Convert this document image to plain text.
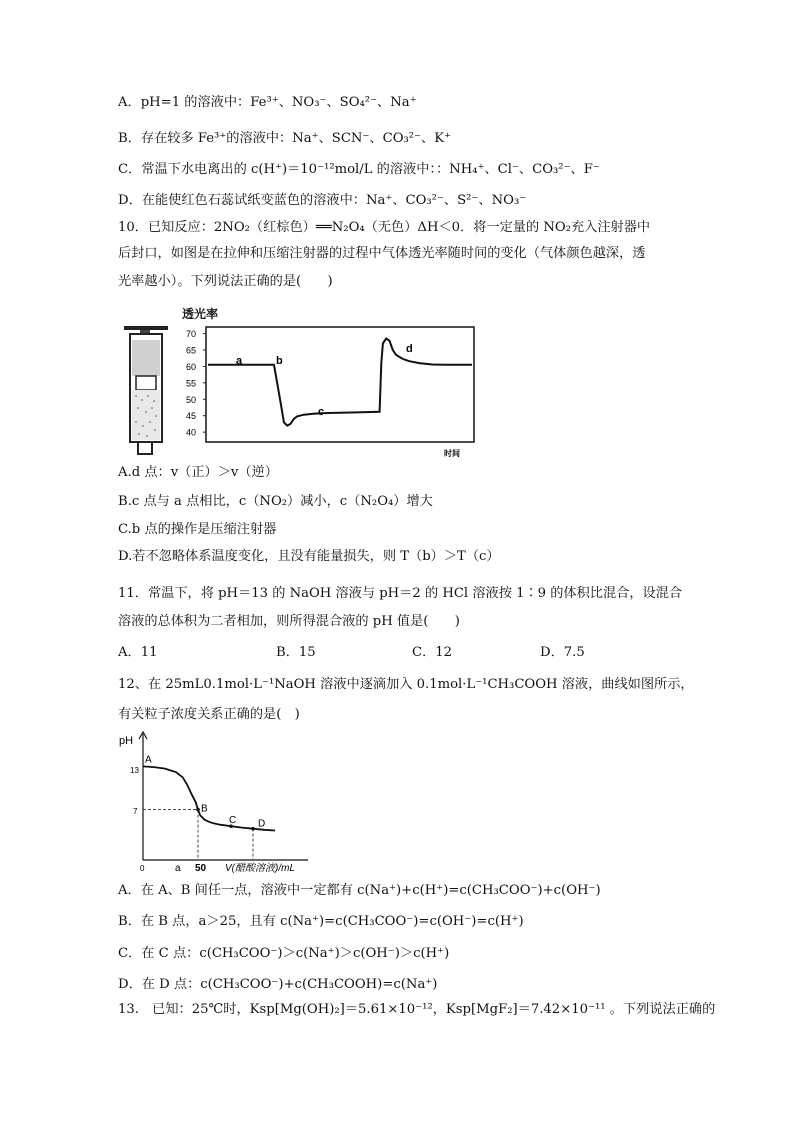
A．pH=1 的溶液中：Fe³⁺、NO₃⁻、SO₄²⁻、Na⁺
B．存在较多 Fe³⁺的溶液中：Na⁺、SCN⁻、CO₃²⁻、K⁺
C．常温下水电离出的 c(H⁺)＝10⁻¹²mol/L 的溶液中：：NH₄⁺、Cl⁻、CO₃²⁻、F⁻
D．在能使红色石蕊试纸变蓝色的溶液中：Na⁺、CO₃²⁻、S²⁻、NO₃⁻
10．已知反应：2NO₂（红棕色）══N₂O₄（无色）ΔH＜0．将一定量的 NO₂充入注射器中
后封口，如图是在拉伸和压缩注射器的过程中气体透光率随时间的变化（气体颜色越深，透
光率越小）。下列说法正确的是(　　)
透光率
70
65
60
55
50
45
40
a	b
c
d
时间
A.d 点：v（正）＞v（逆）
B.c 点与 a 点相比，c（NO₂）减小，c（N₂O₄）增大
C.b 点的操作是压缩注射器
D.若不忽略体系温度变化，且没有能量损失，则 T（b）＞T（c）
11．常温下，将 pH＝13 的 NaOH 溶液与 pH＝2 的 HCl 溶液按 1∶9 的体积比混合，设混合
溶液的总体积为二者相加，则所得混合液的 pH 值是(　　)
A．11	B．15	C．12	D．7.5
12、在 25mL0.1mol·L⁻¹NaOH 溶液中逐滴加入 0.1mol·L⁻¹CH₃COOH 溶液，曲线如图所示，
有关粒子浓度关系正确的是(　)
pH
13
7
0	a 50 V(醋酸溶液)/mL
A
B
C D
A．在 A、B 间任一点，溶液中一定都有 c(Na⁺)+c(H⁺)=c(CH₃COO⁻)+c(OH⁻)
B．在 B 点，a＞25，且有 c(Na⁺)=c(CH₃COO⁻)=c(OH⁻)=c(H⁺)
C．在 C 点：c(CH₃COO⁻)＞c(Na⁺)＞c(OH⁻)＞c(H⁺)
D．在 D 点：c(CH₃COO⁻)+c(CH₃COOH)=c(Na⁺)
13.　已知：25℃时，Ksp[Mg(OH)₂]＝5.61×10⁻¹²，Ksp[MgF₂]＝7.42×10⁻¹¹ 。下列说法正确的
